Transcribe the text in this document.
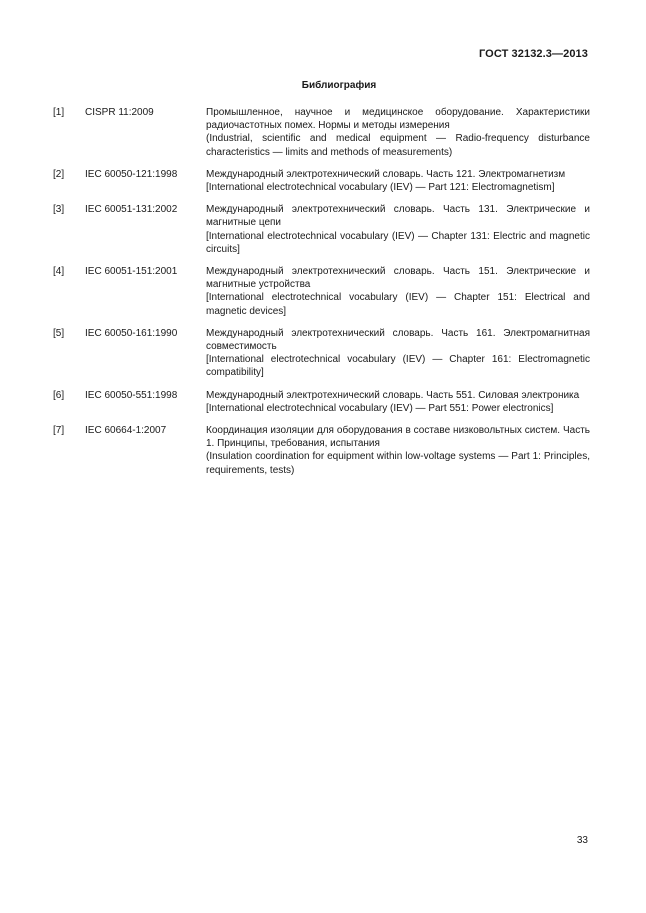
ГОСТ 32132.3—2013
Библиография
[1]	CISPR 11:2009	Промышленное, научное и медицинское оборудование. Характеристики радиочастотных помех. Нормы и методы измерения
(Industrial, scientific and medical equipment — Radio-frequency disturbance characteristics — limits and methods of measurements)
[2]	IEC 60050-121:1998	Международный электротехнический словарь. Часть 121. Электромагнетизм
[International electrotechnical vocabulary (IEV) — Part 121: Electromagnetism]
[3]	IEC 60051-131:2002	Международный электротехнический словарь. Часть 131. Электрические и магнитные цепи
[International electrotechnical vocabulary (IEV) — Chapter 131: Electric and magnetic circuits]
[4]	IEC 60051-151:2001	Международный электротехнический словарь. Часть 151. Электрические и магнитные устройства
[International electrotechnical vocabulary (IEV) — Chapter 151: Electrical and magnetic devices]
[5]	IEC 60050-161:1990	Международный электротехнический словарь. Часть 161. Электромагнитная совместимость
[International electrotechnical vocabulary (IEV) — Chapter 161: Electromagnetic compatibility]
[6]	IEC 60050-551:1998	Международный электротехнический словарь. Часть 551. Силовая электроника
[International electrotechnical vocabulary (IEV) — Part 551: Power electronics]
[7]	IEC 60664-1:2007	Координация изоляции для оборудования в составе низковольтных систем. Часть 1. Принципы, требования, испытания
(Insulation coordination for equipment within low-voltage systems — Part 1: Principles, requirements, tests)
33
